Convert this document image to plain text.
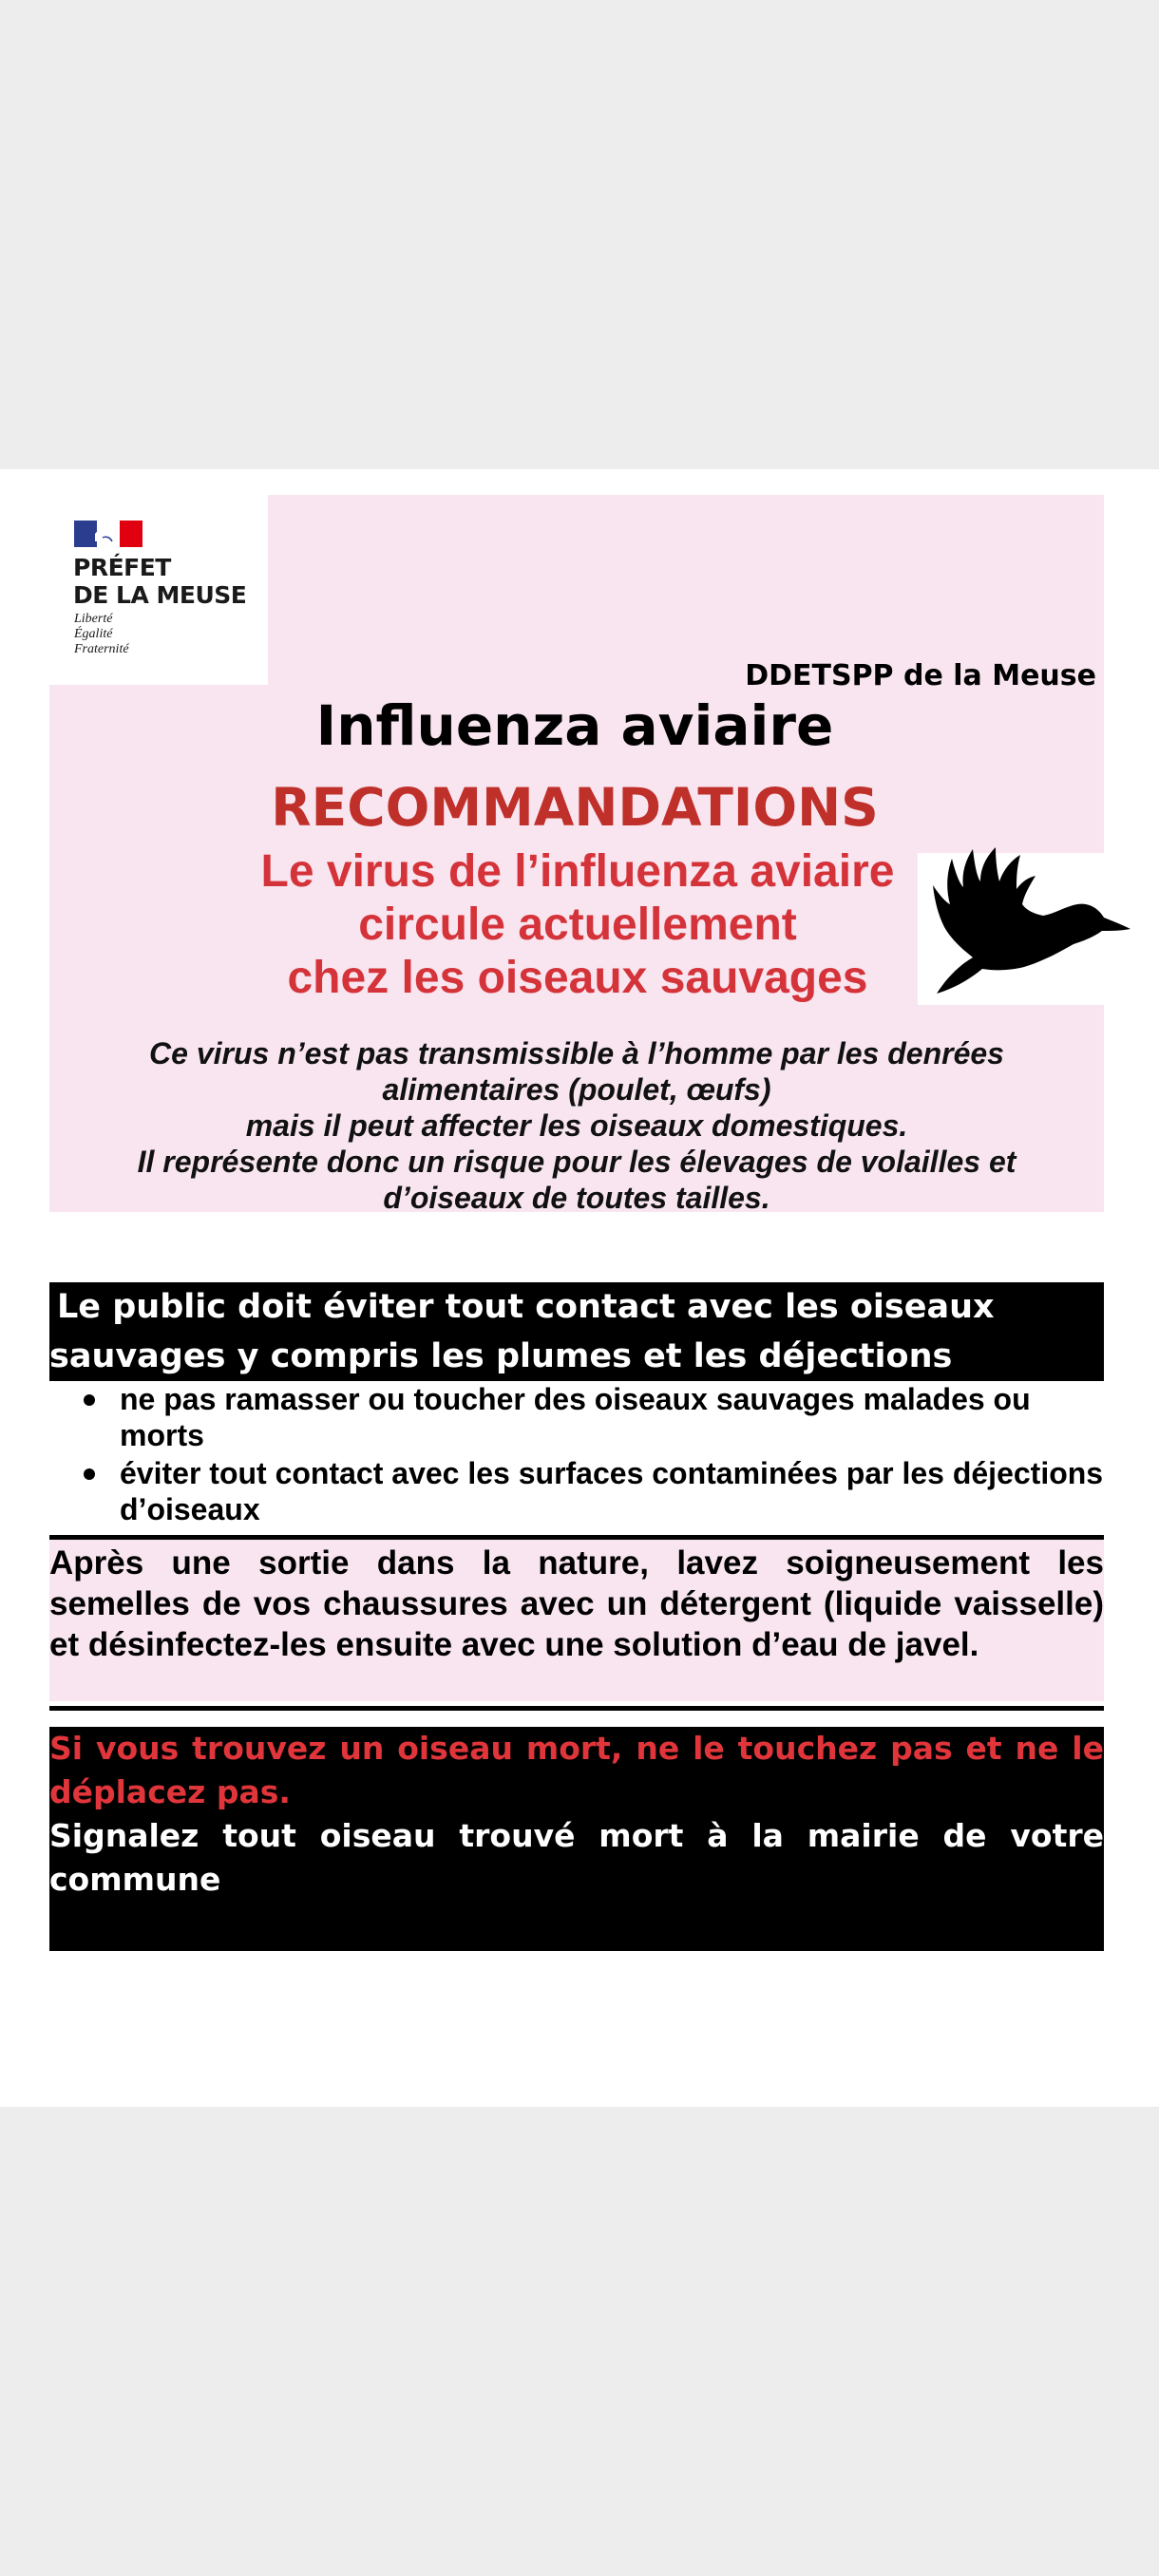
PRÉFET
DE LA MEUSE
Liberté
Égalité
Fraternité
DDETSPP de la Meuse
Influenza aviaire
RECOMMANDATIONS
Le virus de l’influenza aviaire
circule actuellement
chez les oiseaux sauvages
Ce virus n’est pas transmissible à l’homme par les denrées
alimentaires (poulet, œufs)
mais il peut affecter les oiseaux domestiques.
Il représente donc un risque pour les élevages de volailles et
d’oiseaux de toutes tailles.
Le public doit éviter tout contact avec les oiseaux
sauvages y compris les plumes et les déjections
ne pas ramasser ou toucher des oiseaux sauvages malades ou morts
éviter tout contact avec les surfaces contaminées par les déjections d’oiseaux
Après une sortie dans la nature, lavez soigneusement les semelles de vos chaussures avec un détergent (liquide vaisselle) et désinfectez-les ensuite avec une solution d’eau de javel.
Si vous trouvez un oiseau mort, ne le touchez pas et ne le déplacez pas.
Signalez tout oiseau trouvé mort à la mairie de votre commune
